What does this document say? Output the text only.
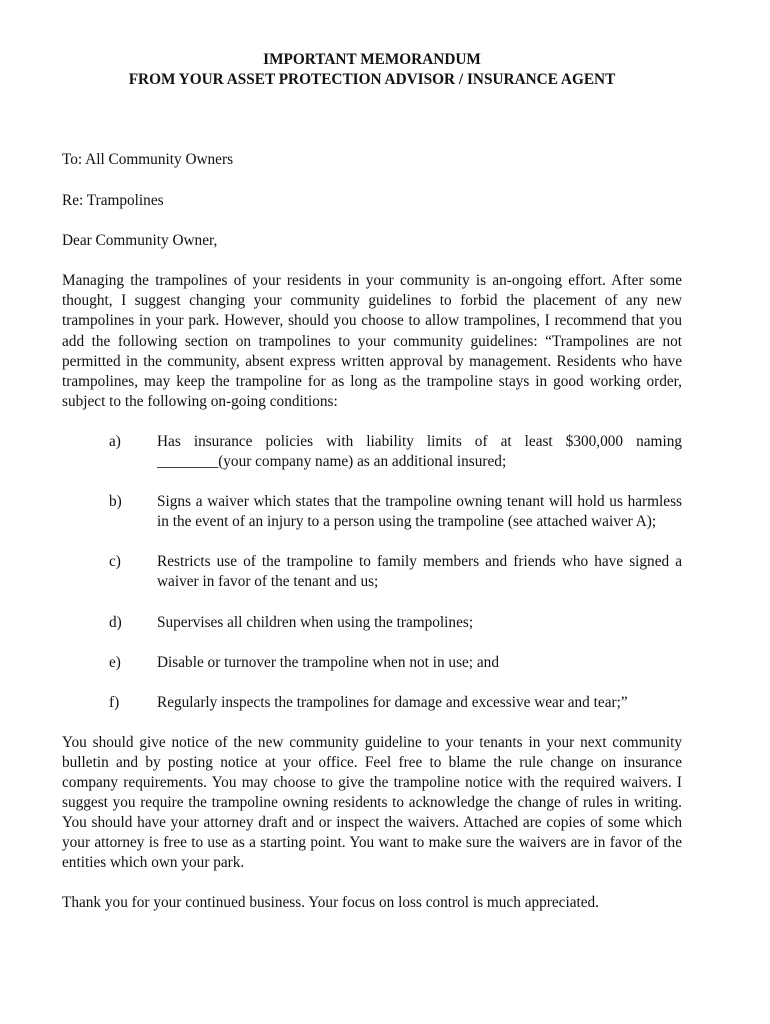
IMPORTANT MEMORANDUM

FROM YOUR ASSET PROTECTION ADVISOR / INSURANCE AGENT

To: All Community Owners

Re: Trampolines

Dear Community Owner,

Managing the trampolines of your residents in your community is an-ongoing effort. After some thought, I suggest changing your community guidelines to forbid the placement of any new trampolines in your park. However, should you choose to allow trampolines, I recommend that you add the following section on trampolines to your community guidelines: “Trampolines are not permitted in the community, absent express written approval by management. Residents who have trampolines, may keep the trampoline for as long as the trampoline stays in good working order, subject to the following on-going conditions:

a) Has insurance policies with liability limits of at least $300,000 naming ________(your company name) as an additional insured;
b) Signs a waiver which states that the trampoline owning tenant will hold us harmless in the event of an injury to a person using the trampoline (see attached waiver A);
c) Restricts use of the trampoline to family members and friends who have signed a waiver in favor of the tenant and us;
d) Supervises all children when using the trampolines;
e) Disable or turnover the trampoline when not in use; and
f) Regularly inspects the trampolines for damage and excessive wear and tear;”

You should give notice of the new community guideline to your tenants in your next community bulletin and by posting notice at your office. Feel free to blame the rule change on insurance company requirements. You may choose to give the trampoline notice with the required waivers. I suggest you require the trampoline owning residents to acknowledge the change of rules in writing. You should have your attorney draft and or inspect the waivers. Attached are copies of some which your attorney is free to use as a starting point. You want to make sure the waivers are in favor of the entities which own your park.

Thank you for your continued business. Your focus on loss control is much appreciated.
